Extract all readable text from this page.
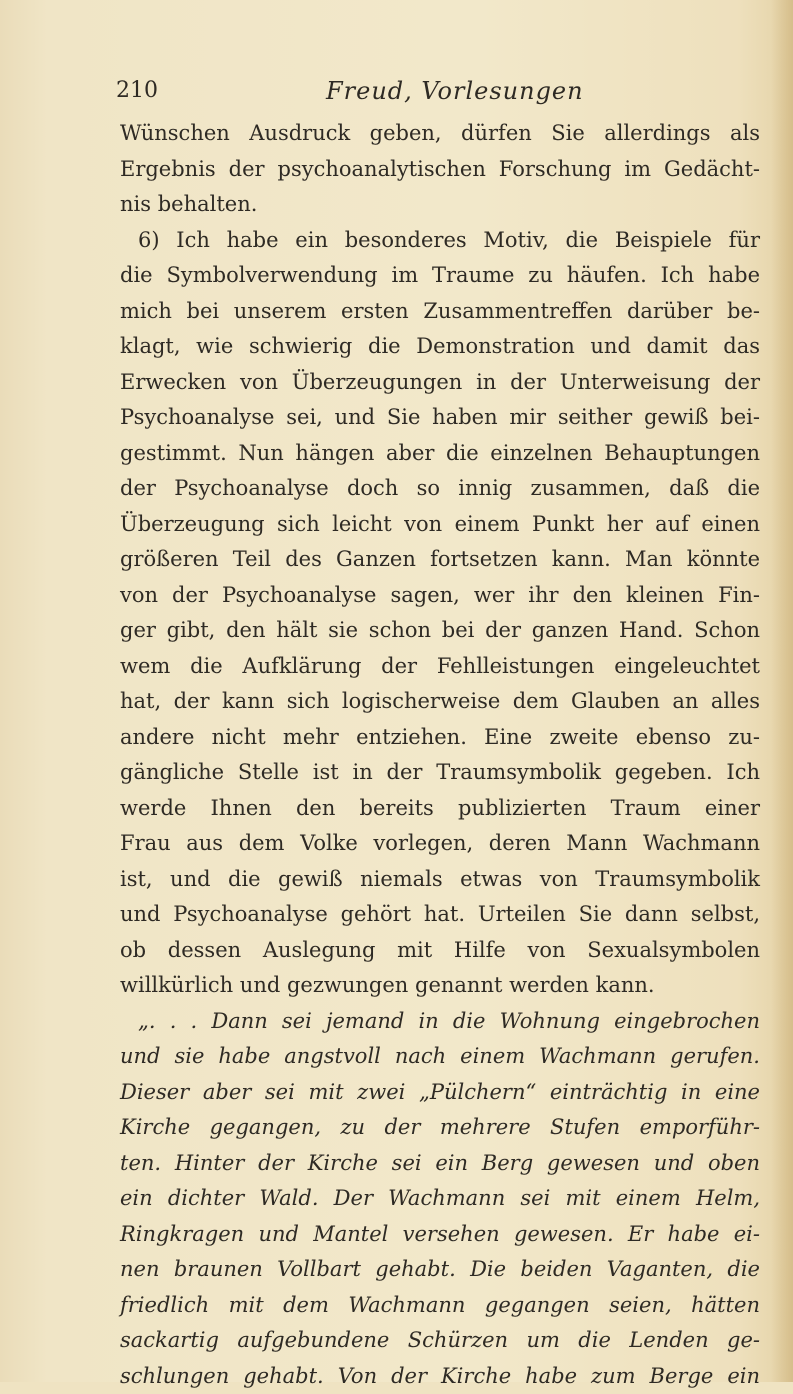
210	Freud, Vorlesungen
Wünschen Ausdruck geben, dürfen Sie allerdings als
Ergebnis der psychoanalytischen Forschung im Gedächt-
nis behalten.
6) Ich habe ein besonderes Motiv, die Beispiele für
die Symbolverwendung im Traume zu häufen. Ich habe
mich bei unserem ersten Zusammentreffen darüber be-
klagt, wie schwierig die Demonstration und damit das
Erwecken von Überzeugungen in der Unterweisung der
Psychoanalyse sei, und Sie haben mir seither gewiß bei-
gestimmt. Nun hängen aber die einzelnen Behauptungen
der Psychoanalyse doch so innig zusammen, daß die
Überzeugung sich leicht von einem Punkt her auf einen
größeren Teil des Ganzen fortsetzen kann. Man könnte
von der Psychoanalyse sagen, wer ihr den kleinen Fin-
ger gibt, den hält sie schon bei der ganzen Hand. Schon
wem die Aufklärung der Fehlleistungen eingeleuchtet
hat, der kann sich logischerweise dem Glauben an alles
andere nicht mehr entziehen. Eine zweite ebenso zu-
gängliche Stelle ist in der Traumsymbolik gegeben. Ich
werde Ihnen den bereits publizierten Traum einer
Frau aus dem Volke vorlegen, deren Mann Wachmann
ist, und die gewiß niemals etwas von Traumsymbolik
und Psychoanalyse gehört hat. Urteilen Sie dann selbst,
ob dessen Auslegung mit Hilfe von Sexualsymbolen
willkürlich und gezwungen genannt werden kann.
„. . . Dann sei jemand in die Wohnung eingebrochen
und sie habe angstvoll nach einem Wachmann gerufen.
Dieser aber sei mit zwei „Pülchern“ einträchtig in eine
Kirche gegangen, zu der mehrere Stufen emporführ-
ten. Hinter der Kirche sei ein Berg gewesen und oben
ein dichter Wald. Der Wachmann sei mit einem Helm,
Ringkragen und Mantel versehen gewesen. Er habe ei-
nen braunen Vollbart gehabt. Die beiden Vaganten, die
friedlich mit dem Wachmann gegangen seien, hätten
sackartig aufgebundene Schürzen um die Lenden ge-
schlungen gehabt. Von der Kirche habe zum Berge ein
